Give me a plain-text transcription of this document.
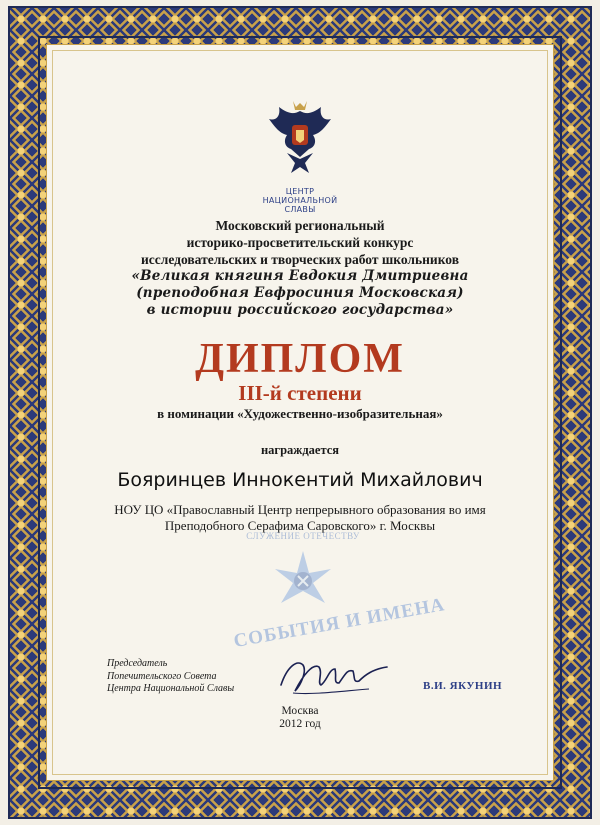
ЦЕНТР
НАЦИОНАЛЬНОЙ
СЛАВЫ
Московский региональный
историко-просветительский конкурс
исследовательских и творческих работ школьников
«Великая княгиня Евдокия Дмитриевна
(преподобная Евфросиния Московская)
в истории российского государства»
ДИПЛОМ
III-й степени
в номинации «Художественно-изобразительная»
награждается
Бояринцев Иннокентий Михайлович
НОУ ЦО «Православный Центр непрерывного образования во имя
Преподобного Серафима Саровского» г. Москвы
СЛУЖЕНИЕ ОТЕЧЕСТВУ
СОБЫТИЯ И ИМЕНА
Председатель
Попечительского Совета
Центра Национальной Славы	В.И. ЯКУНИН
Москва
2012 год
